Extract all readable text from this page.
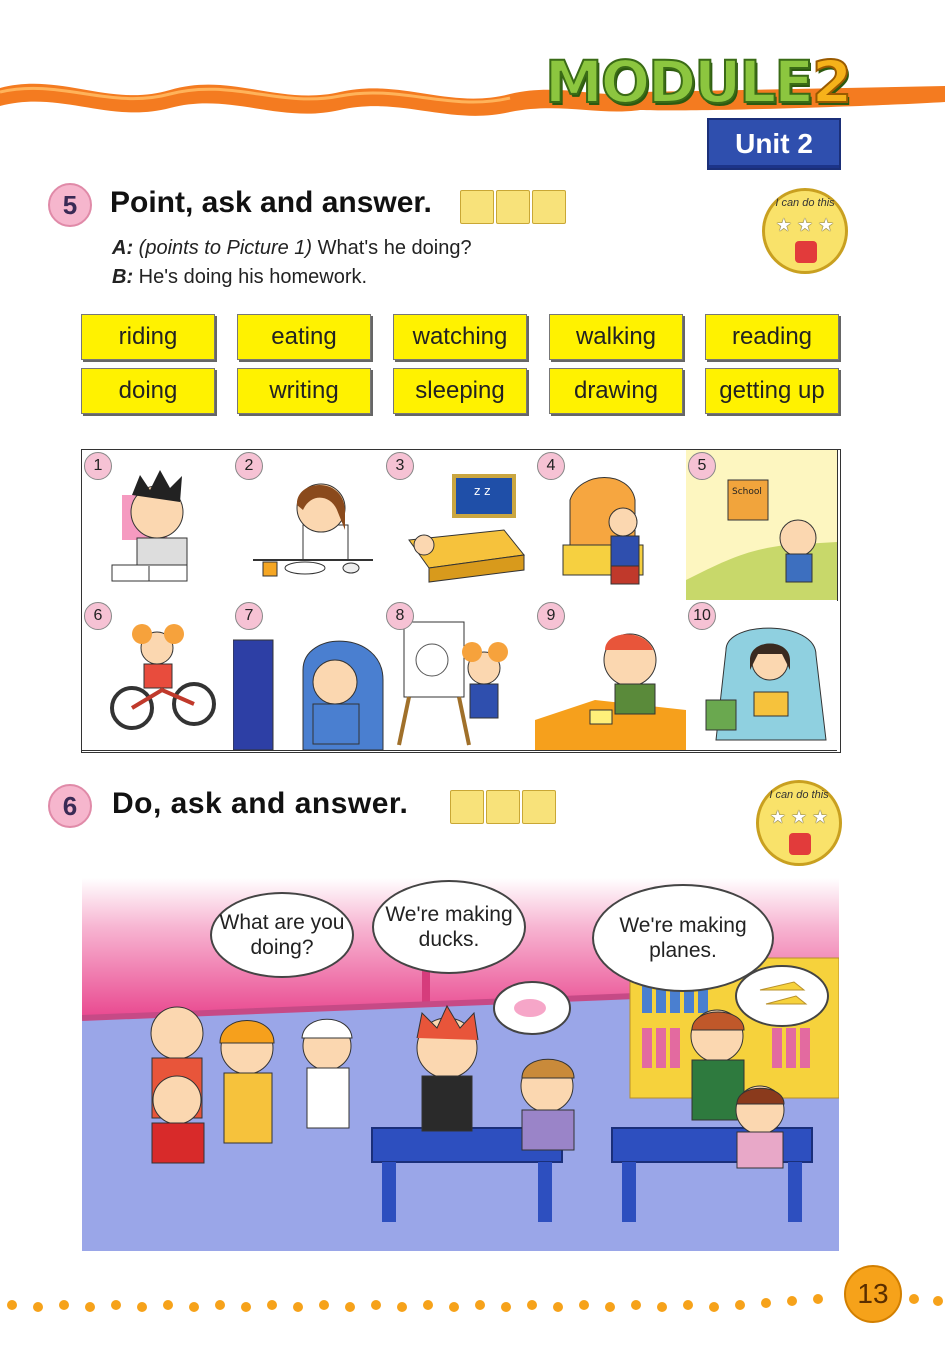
MODULE2
Unit 2
5	Point, ask and answer.	I can do this
★ ★ ★
A: (points to Picture 1) What's he doing?
B: He's doing his homework.
riding	eating	watching	walking	reading
doing	writing	sleeping	drawing	getting up
1	2
z z
3	4
School
5
6	7	8	9	10
6	Do, ask and answer.	I can do this
★ ★ ★
What are you doing?
We're making ducks.
We're making planes.
13
